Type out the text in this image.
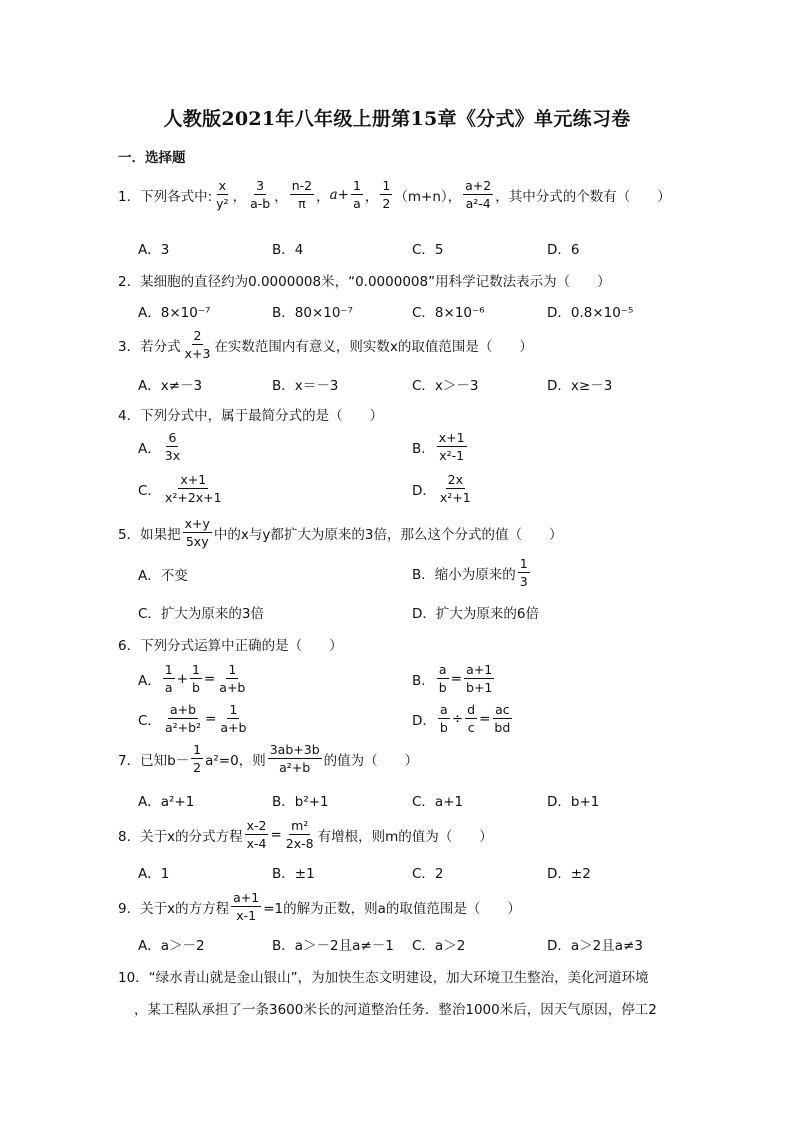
人教版2021年八年级上册第15章《分式》单元练习卷
一．选择题
1． 下列各式中: $\frac{x}{\text{y²}}$ ， $\frac{3}{a-b}$ ， $\frac{n-2}{\pi}$ ， $a+ \frac{1}{a}$ ， $\frac{1}{2} (m+n)$， $\frac{a+2}{\text{a²-4}}$ ，其中分式的个数有（　　）
A．3	B．4	C．5	D．6
2．某细胞的直径约为0.0000008米，“0.0000008”用科学记数法表示为（　　）
A．8×10⁻⁷	B．80×10⁻⁷	C．8×10⁻⁶	D．0.8×10⁻⁵
3．若分式 $\frac{2}{x+3}$ 在实数范围内有意义，则实数x的取值范围是（　　）
A．x≠－3	B．x＝－3	C．x＞－3	D．x≥－3
4．下列分式中，属于最简分式的是（　　）
A． $\frac{6}{3x}$	B． $\frac{x+1}{\text{x²-1}}$
C． $\frac{x+1}{\text{x²+2x+1}}$	D． $\frac{2x}{\text{x²+1}}$
5．如果把 $\frac{x+y}{5xy}$ 中的x与y都扩大为原来的3倍，那么这个分式的值（　　）
A．不变	B．缩小为原来的 $\frac{1}{3}$
C．扩大为原来的3倍	D．扩大为原来的6倍
6．下列分式运算中正确的是（　　）
A． $\frac{1}{a} + \frac{1}{b} = \frac{1}{a+b}$	B． $\frac{a}{b} = \frac{a+1}{b+1}$
C． $\frac{a+b}{\text{a²+b²}} = \frac{1}{a+b}$	D． $\frac{a}{b} \div \frac{d}{c} = \frac{ac}{bd}$
7．已知$b- \frac{1}{2} a^2=0$，则 $\frac{3ab+3b}{\text{a²+b}}$ 的值为（　　）
A．a²+1	B．b²+1	C．a+1	D．b+1
8．关于x的分式方程 $\frac{x-2}{x-4} = \frac{\text{m²}}{2x-8}$ 有增根，则m的值为（　　）
A．1	B．±1	C．2	D．±2
9．关于x的方方程 $\frac{a+1}{x-1} =1$的解为正数，则a的取值范围是（　　）
A．a＞－2	B．a＞－2且a≠－1 C．a＞2	D．a＞2且a≠3
10．“绿水青山就是金山银山”，为加快生态文明建设，加大环境卫生整治，美化河道环境
，某工程队承担了一条3600米长的河道整治任务．整治1000米后，因天气原因，停工2
